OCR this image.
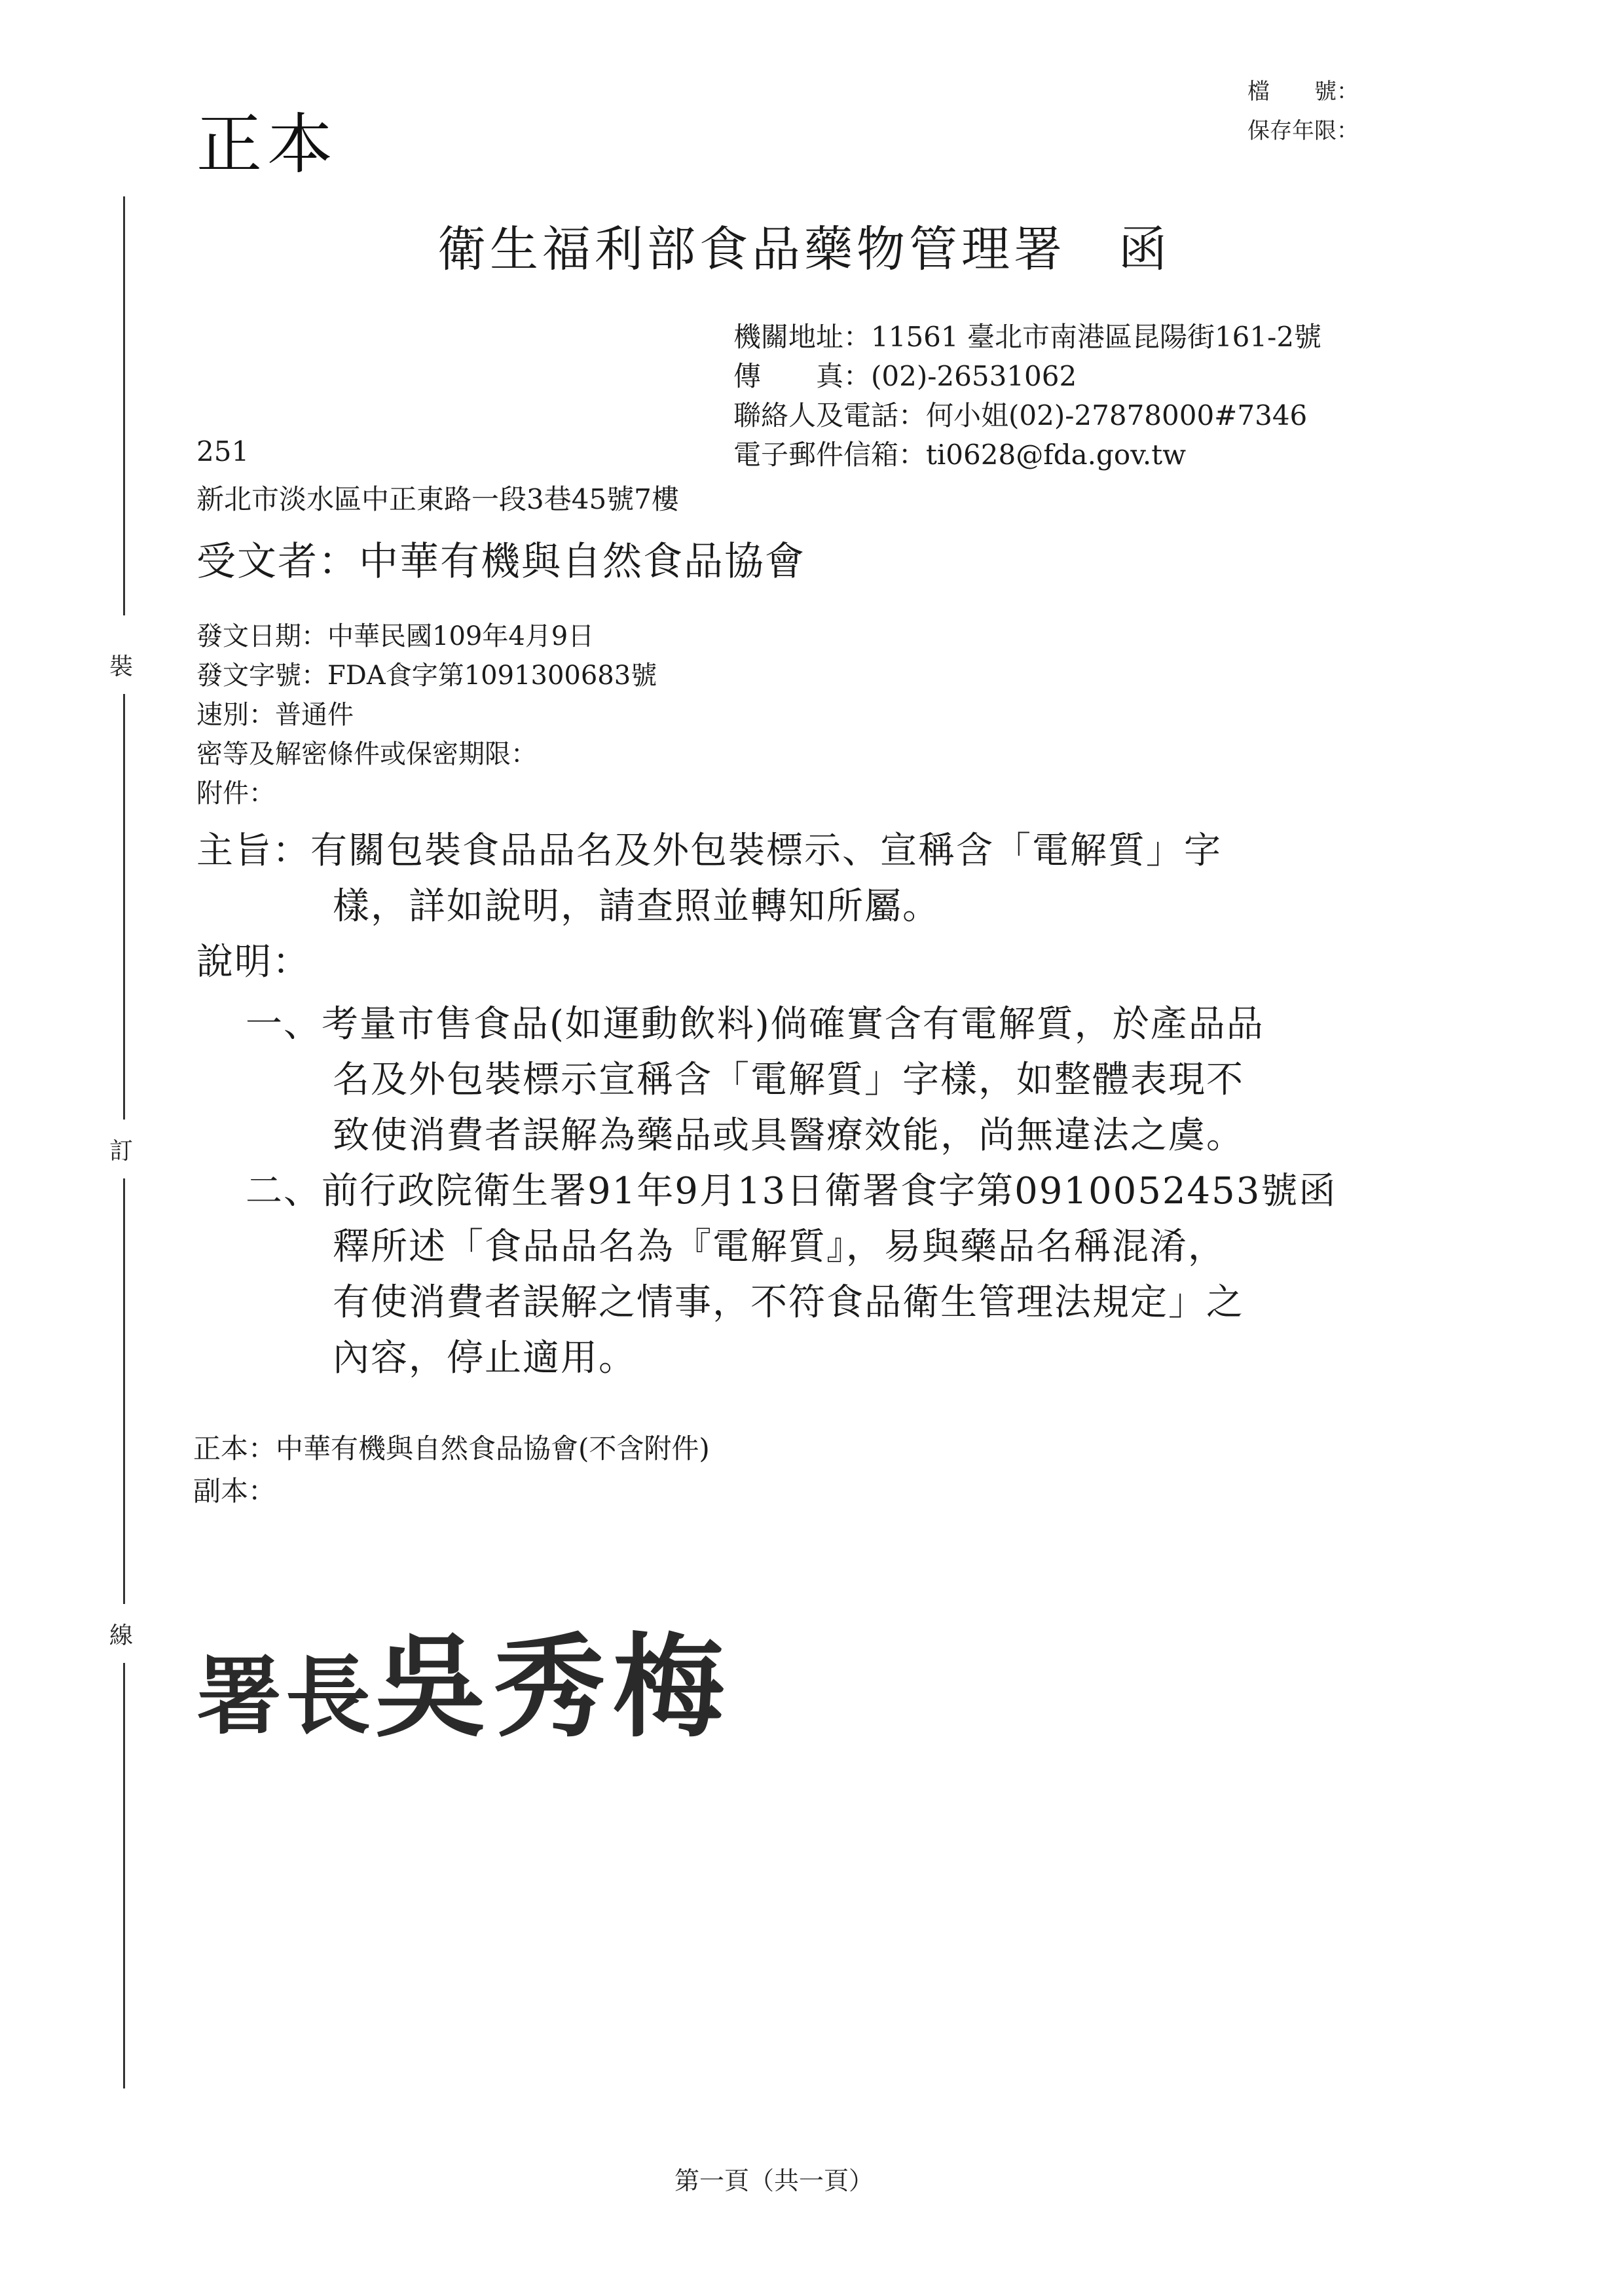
正本
檔　　號：
保存年限：
衛生福利部食品藥物管理署　函
機關地址：11561 臺北市南港區昆陽街161-2號
傳　　真：(02)-26531062
聯絡人及電話：何小姐(02)-27878000#7346
電子郵件信箱：ti0628@fda.gov.tw
251
新北市淡水區中正東路一段3巷45號7樓
受文者：中華有機與自然食品協會
發文日期：中華民國109年4月9日
發文字號：FDA食字第1091300683號
速別：普通件
密等及解密條件或保密期限：
附件：
主旨：有關包裝食品品名及外包裝標示、宣稱含「電解質」字
樣，詳如說明，請查照並轉知所屬。
說明：
一、考量市售食品(如運動飲料)倘確實含有電解質，於產品品
名及外包裝標示宣稱含「電解質」字樣，如整體表現不
致使消費者誤解為藥品或具醫療效能，尚無違法之虞。
二、前行政院衛生署91年9月13日衛署食字第0910052453號函
釋所述「食品品名為『電解質』，易與藥品名稱混淆，
有使消費者誤解之情事，不符食品衛生管理法規定」之
內容，停止適用。
正本：中華有機與自然食品協會(不含附件)
副本：
署長吳秀梅
裝
訂
線
第一頁（共一頁）
